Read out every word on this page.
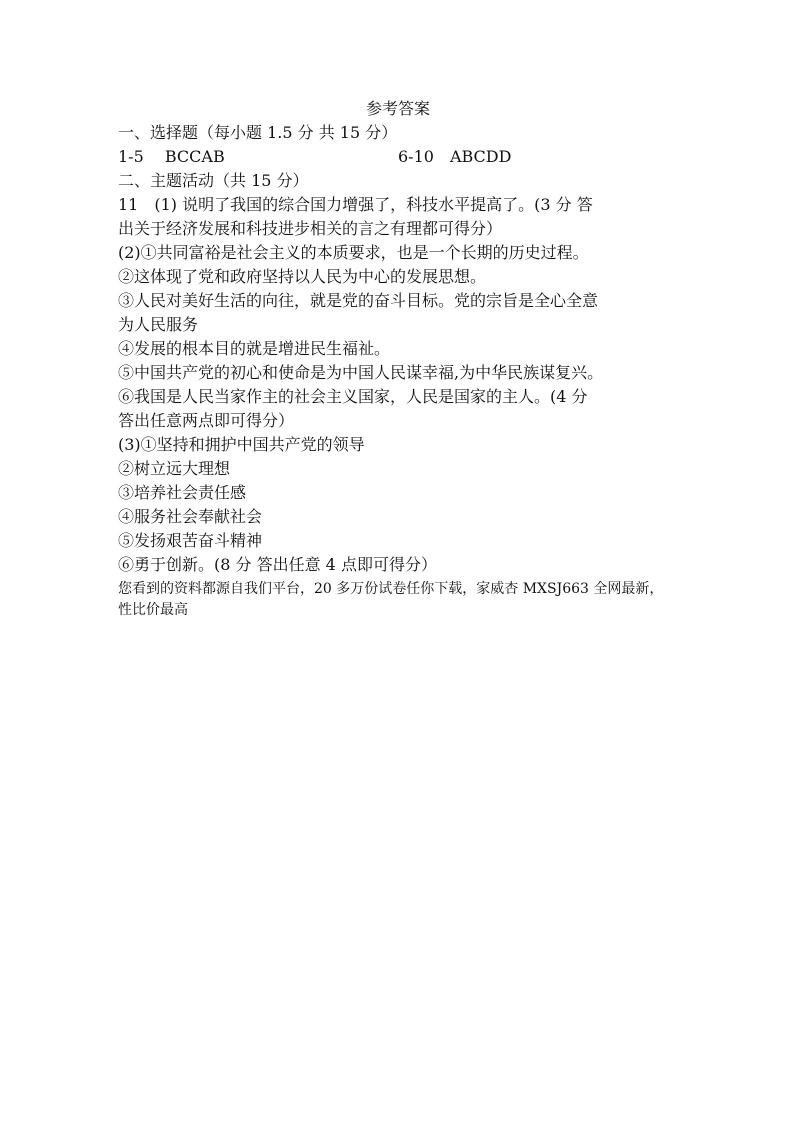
参考答案
一、选择题（每小题 1.5 分 共 15 分）
1-5　 BCCAB	6-10　ABCDD
二、主题活动（共 15 分）
11　(1) 说明了我国的综合国力增强了，科技水平提高了。(3 分 答
出关于经济发展和科技进步相关的言之有理都可得分）
(2)①共同富裕是社会主义的本质要求，也是一个长期的历史过程。
②这体现了党和政府坚持以人民为中心的发展思想。
③人民对美好生活的向往，就是党的奋斗目标。党的宗旨是全心全意
为人民服务
④发展的根本目的就是增进民生福祉。
⑤中国共产党的初心和使命是为中国人民谋幸福,为中华民族谋复兴。
⑥我国是人民当家作主的社会主义国家，人民是国家的主人。(4 分
答出任意两点即可得分）
(3)①坚持和拥护中国共产党的领导
②树立远大理想
③培养社会责任感
④服务社会奉献社会
⑤发扬艰苦奋斗精神
⑥勇于创新。(8 分 答出任意 4 点即可得分）
您看到的资料都源自我们平台，20 多万份试卷任你下载，家威杏 MXSJ663 全网最新，性比价最高
